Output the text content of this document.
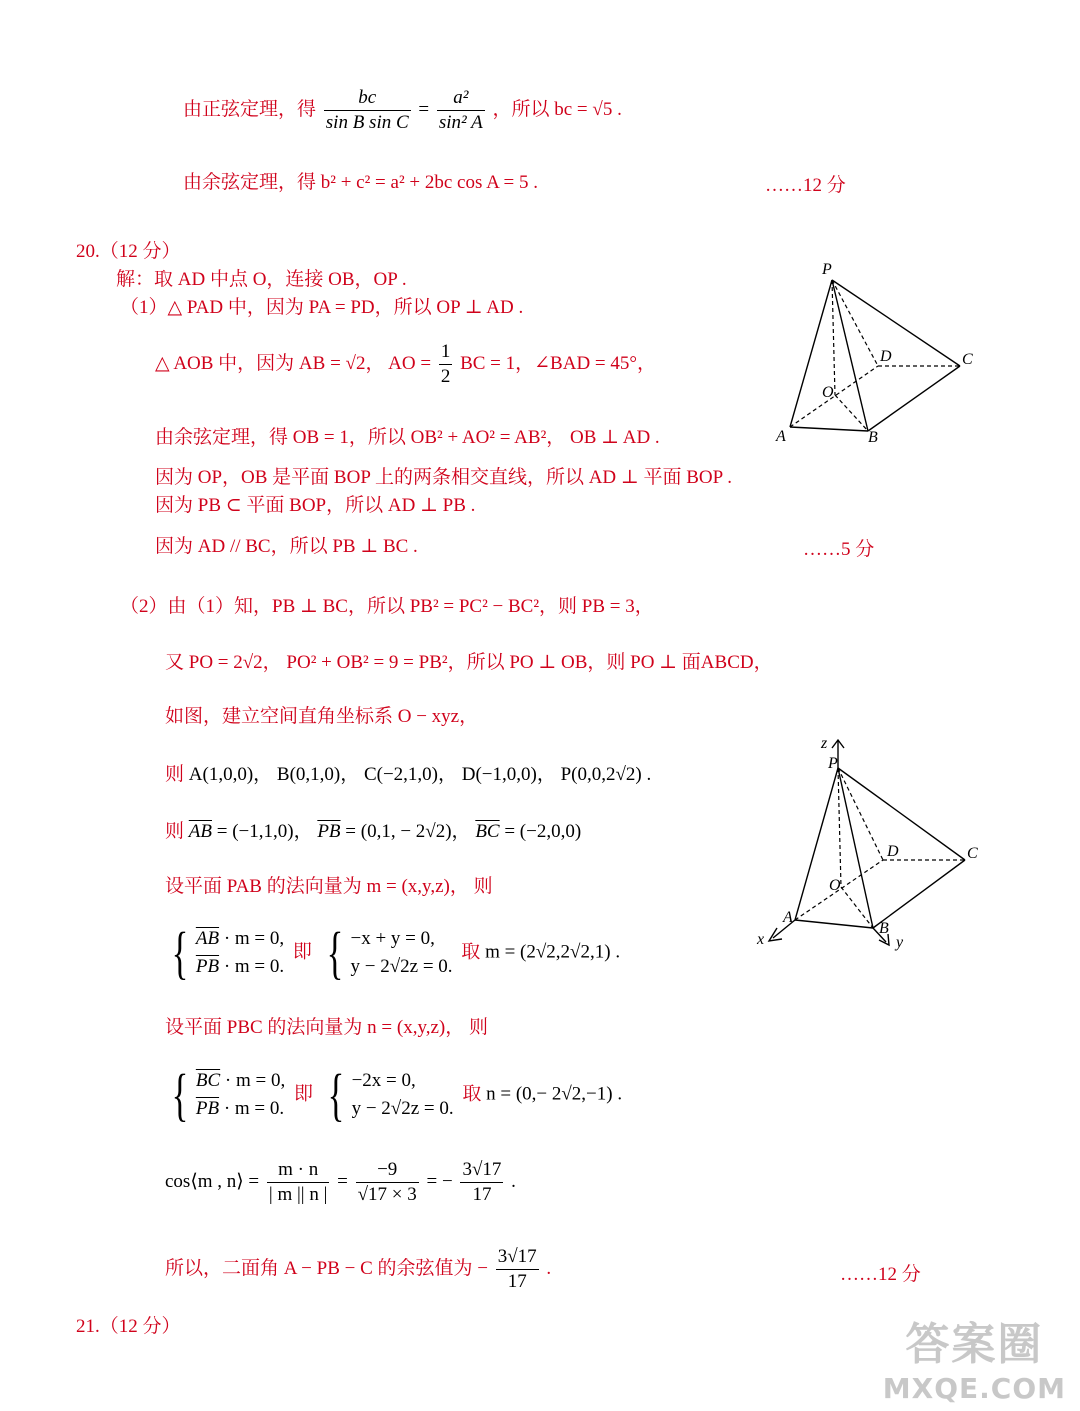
由正弦定理，得 $\frac{bc}{\text{sin B sin C}} = \frac{\text{a²}}{\text{sin² A}}$ ，所以 bc = √5 .
由余弦定理，得 b² + c² = a² + 2bc cos A = 5 .	……12 分
20.（12 分）
解：取 AD 中点 O，连接 OB，OP .
（1）△ PAD 中，因为 PA = PD，所以 OP ⊥ AD .
△ AOB 中，因为 AB = √2， AO = $\frac{1}{2}$ BC = 1，∠BAD = 45°，
由余弦定理，得 OB = 1，所以 OB² + AO² = AB²， OB ⊥ AD .
因为 OP，OB 是平面 BOP 上的两条相交直线，所以 AD ⊥ 平面 BOP .
因为 PB ⊂ 平面 BOP，所以 AD ⊥ PB .
因为 AD // BC，所以 PB ⊥ BC .	……5 分
（2）由（1）知，PB ⊥ BC，所以 PB² = PC² − BC²，则 PB = 3，
又 PO = 2√2， PO² + OB² = 9 = PB²，所以 PO ⊥ OB，则 PO ⊥ 面ABCD，
如图，建立空间直角坐标系 O − xyz，
则 A(1,0,0)， B(0,1,0)， C(−2,1,0)， D(−1,0,0)， P(0,0,2√2) .
则 $\overline{AB} = (-1,1,0)$， $\overline{PB} = (0,1$, − 2√2)， $\overline{BC} = (-2,0,0)$
设平面 PAB 的法向量为 m = (x,y,z)， 则
{ $\overline{AB} \cdot m = 0$,
$\overline{PB} \cdot m = 0$.
即 { −x + y = 0,
y − 2√2z = 0.
取 m = (2√2,2√2,1) .
设平面 PBC 的法向量为 n = (x,y,z)， 则
{ $\overline{BC} \cdot m = 0$,
$\overline{PB} \cdot m = 0$.
即 { −2x = 0,
y − 2√2z = 0.
取 n = (0,− 2√2,−1) .
cos⟨m , n⟩ = $\frac{m \cdot n}{| m || n |} = \frac{-9}{√17 \times 3}$ = − $\frac{3√17}{17}$ .
所以，二面角 A − PB − C 的余弦值为 − $\frac{3√17}{17}$ .	……12 分
21.（12 分）
P
A	B
C
D
O
z
P
A
B
C
D
O
x	y
答案圈
MXQE.COM
